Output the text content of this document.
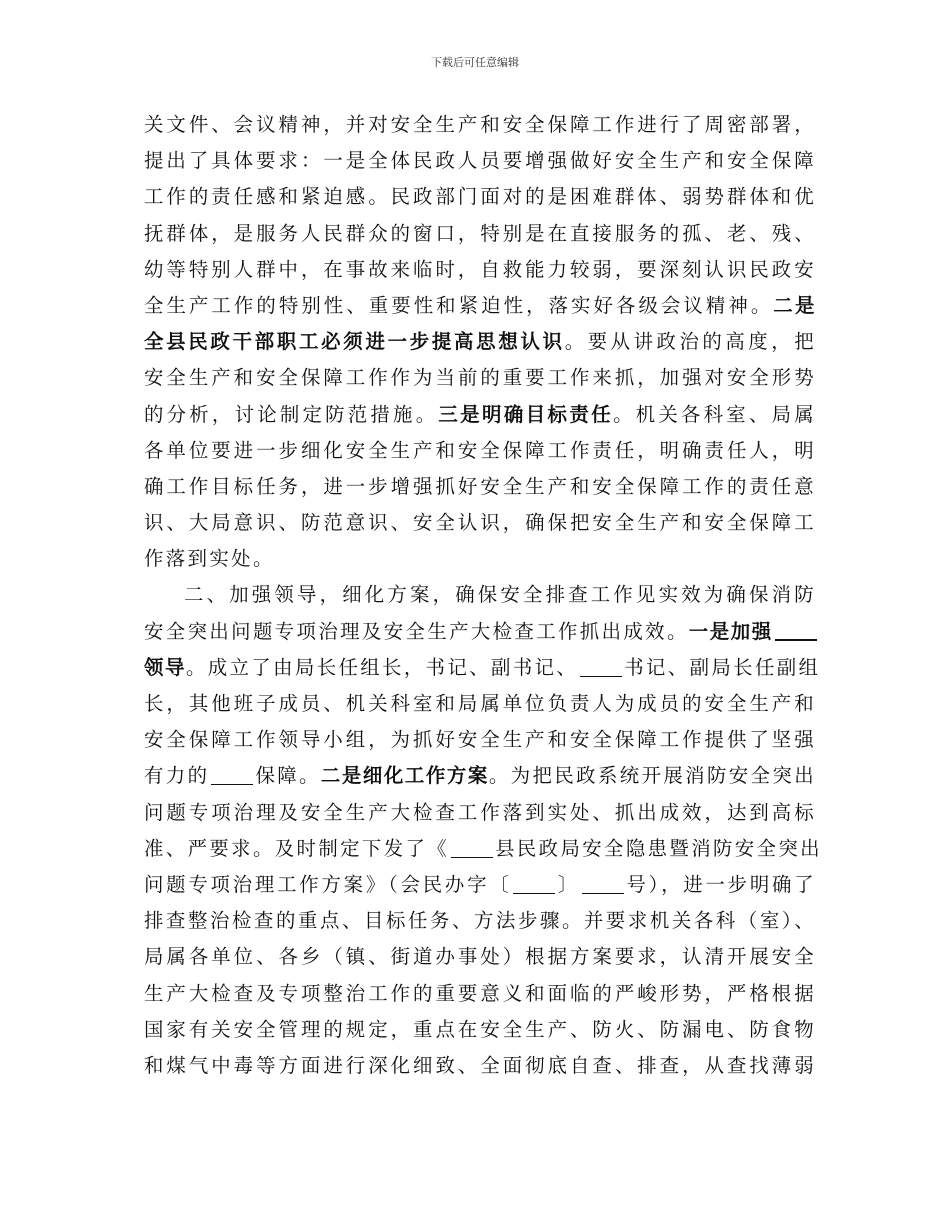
下载后可任意编辑
关文件、会议精神，并对安全生产和安全保障工作进行了周密部署，
提出了具体要求：一是全体民政人员要增强做好安全生产和安全保障
工作的责任感和紧迫感。民政部门面对的是困难群体、弱势群体和优
抚群体，是服务人民群众的窗口，特别是在直接服务的孤、老、残、
幼等特别人群中，在事故来临时，自救能力较弱，要深刻认识民政安
全生产工作的特别性、重要性和紧迫性，落实好各级会议精神。二是
全县民政干部职工必须进一步提高思想认识。要从讲政治的高度，把
安全生产和安全保障工作作为当前的重要工作来抓，加强对安全形势
的分析，讨论制定防范措施。三是明确目标责任。机关各科室、局属
各单位要进一步细化安全生产和安全保障工作责任，明确责任人，明
确工作目标任务，进一步增强抓好安全生产和安全保障工作的责任意
识、大局意识、防范意识、安全认识，确保把安全生产和安全保障工
作落到实处。
二、加强领导，细化方案，确保安全排查工作见实效为确保消防
安全突出问题专项治理及安全生产大检查工作抓出成效。一是加强
领导。成立了由局长任组长，书记、副书记、 书记、副局长任副组
长，其他班子成员、机关科室和局属单位负责人为成员的安全生产和
安全保障工作领导小组，为抓好安全生产和安全保障工作提供了坚强
有力的 保障。二是细化工作方案。为把民政系统开展消防安全突出
问题专项治理及安全生产大检查工作落到实处、抓出成效，达到高标
准、严要求。及时制定下发了《 县民政局安全隐患暨消防安全突出
问题专项治理工作方案》（会民办字〔 〕 号），进一步明确了
排查整治检查的重点、目标任务、方法步骤。并要求机关各科（室）、
局属各单位、各乡（镇、街道办事处）根据方案要求，认清开展安全
生产大检查及专项整治工作的重要意义和面临的严峻形势，严格根据
国家有关安全管理的规定，重点在安全生产、防火、防漏电、防食物
和煤气中毒等方面进行深化细致、全面彻底自查、排查，从查找薄弱
